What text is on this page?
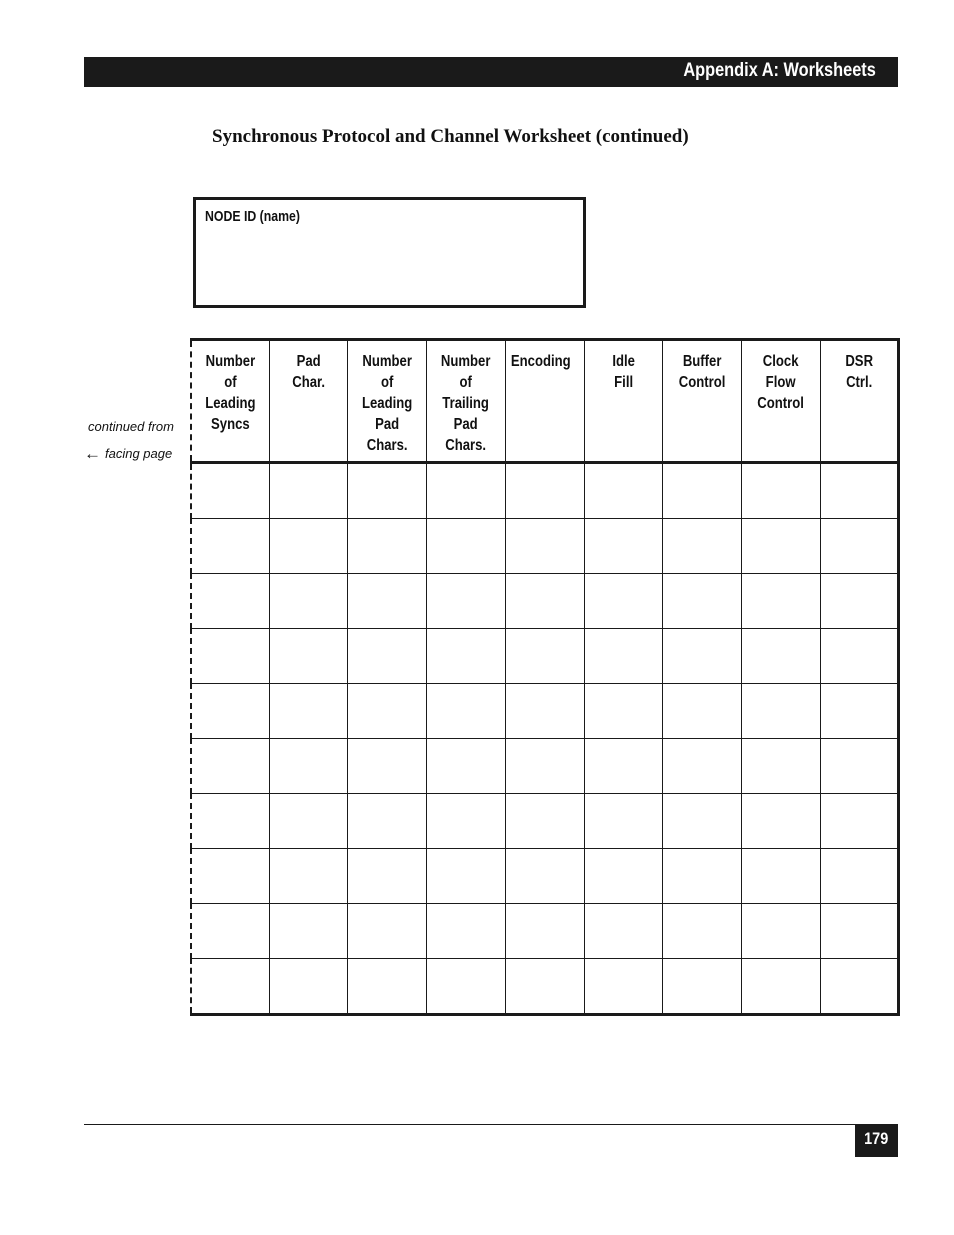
Appendix A: Worksheets
Synchronous Protocol and Channel Worksheet (continued)
NODE ID (name)
continued from
← facing page
Number
of
Leading
Syncs	Pad
Char.	Number
of
Leading
Pad Chars.	Number
of
Trailing
Pad Chars.	Encoding	Idle
Fill	Buffer
Control	Clock
Flow
Control	DSR
Ctrl.

179
